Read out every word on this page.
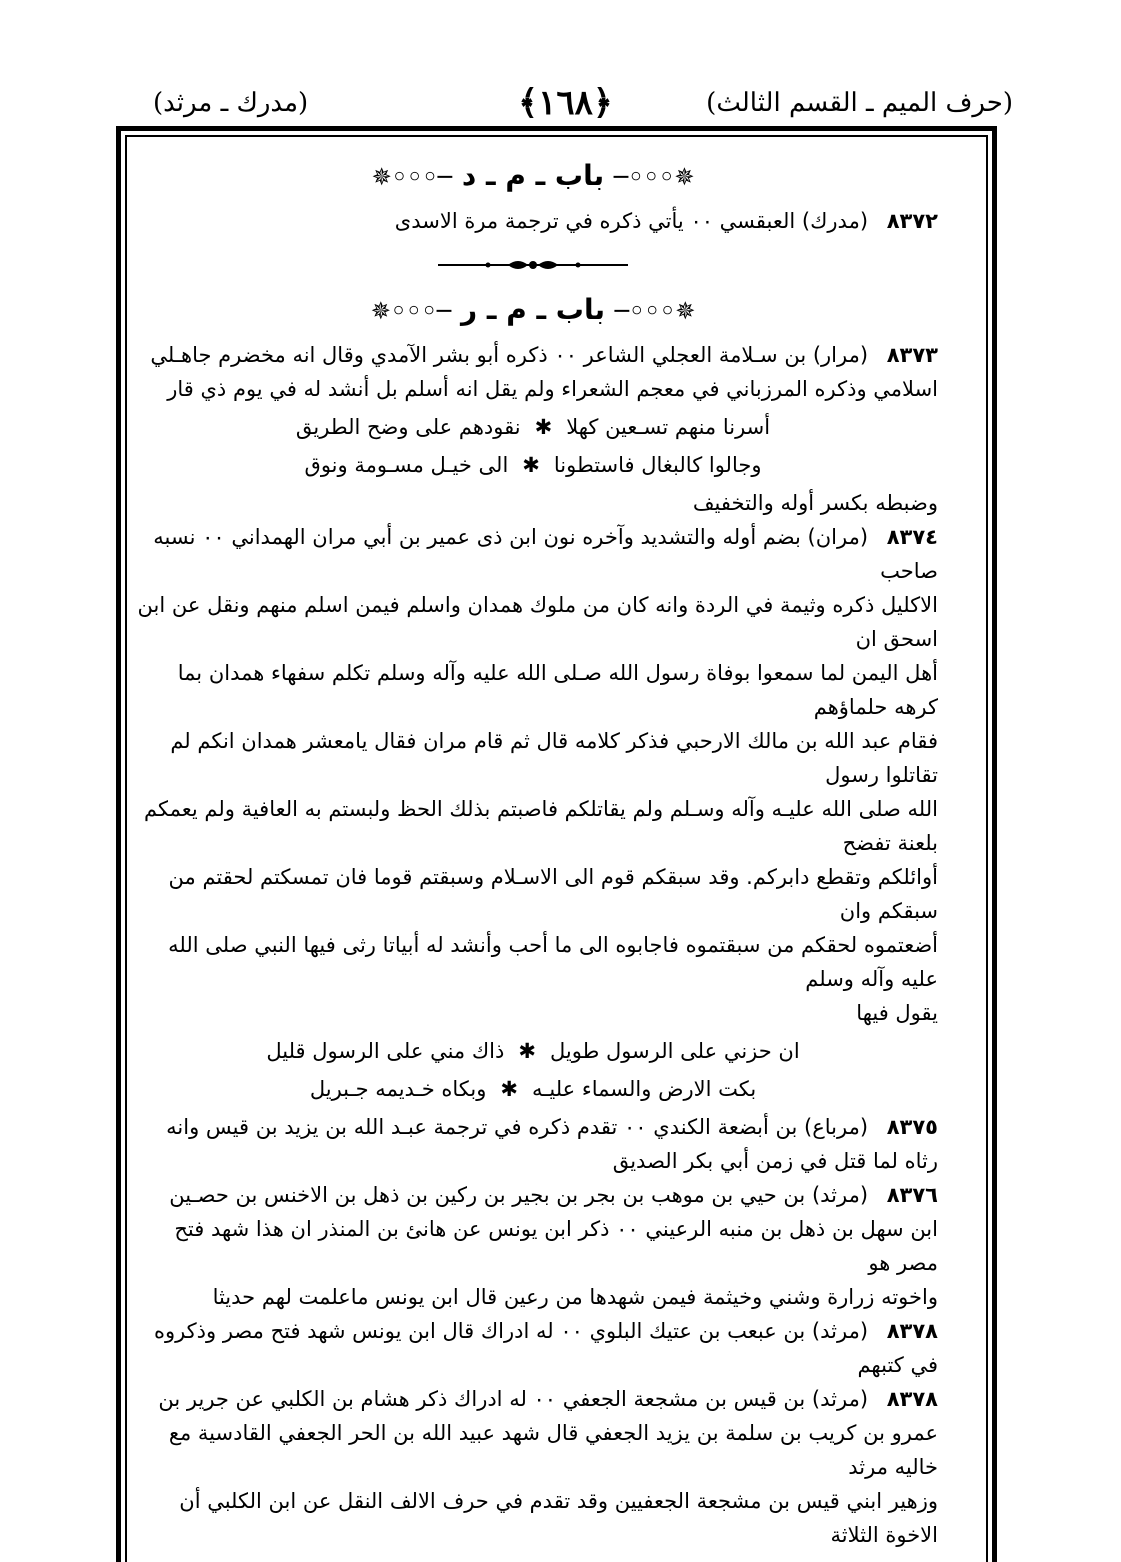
(حرف الميم ـ القسم الثالث)
﴿١٦٨﴾
(مدرك ـ مرثد)
✵◦◦◦─ باب ـ م ـ د ─◦◦◦✵

٨٣٧٢ (مدرك) العبقسي ٠٠ يأتي ذكره في ترجمة مرة الاسدى

✵◦◦◦─ باب ـ م ـ ر ─◦◦◦✵

٨٣٧٣ (مرار) بن سـلامة العجلي الشاعر ٠٠ ذكره أبو بشر الآمدي وقال انه مخضرم جاهـلي

اسلامي وذكره المرزباني في معجم الشعراء ولم يقل انه أسلم بل أنشد له في يوم ذي قار

أسرنا منهم تسـعين كهلا
✱
نقودهم على وضح الطريق
وجالوا كالبغال فاستطونا
✱
الى خيـل مسـومة ونوق

وضبطه بكسر أوله والتخفيف

٨٣٧٤ (مران) بضم أوله والتشديد وآخره نون ابن ذى عمير بن أبي مران الهمداني ٠٠ نسبه صاحب

الاكليل ذكره وثيمة في الردة وانه كان من ملوك همدان واسلم فيمن اسلم منهم ونقل عن ابن اسحق ان

أهل اليمن لما سمعوا بوفاة رسول الله صـلى الله عليه وآله وسلم تكلم سفهاء همدان بما كرهه حلماؤهم

فقام عبد الله بن مالك الارحبي فذكر كلامه قال ثم قام مران فقال يامعشر همدان انكم لم تقاتلوا رسول

الله صلى الله عليـه وآله وسـلم ولم يقاتلكم فاصبتم بذلك الحظ ولبستم به العافية ولم يعمكم بلعنة تفضح

أوائلكم وتقطع دابركم. وقد سبقكم قوم الى الاسـلام وسبقتم قوما فان تمسكتم لحقتم من سبقكم وان

أضعتموه لحقكم من سبقتموه فاجابوه الى ما أحب وأنشد له أبياتا رثى فيها النبي صلى الله عليه وآله وسلم

يقول فيها

ان حزني على الرسول طويل
✱
ذاك مني على الرسول قليل
بكت الارض والسماء عليـه
✱
وبكاه خـديمه جـبريل

٨٣٧٥ (مرباع) بن أبضعة الكندي ٠٠ تقدم ذكره في ترجمة عبـد الله بن يزيد بن قيس وانه

رثاه لما قتل في زمن أبي بكر الصديق

٨٣٧٦ (مرثد) بن حيي بن موهب بن بجر بن بجير بن ركين بن ذهل بن الاخنس بن حصـين

ابن سهل بن ذهل بن منبه الرعيني ٠٠ ذكر ابن يونس عن هانئ بن المنذر ان هذا شهد فتح مصر هو

واخوته زرارة وشني وخيثمة فيمن شهدها من رعين قال ابن يونس ماعلمت لهم حديثا

٨٣٧٨ (مرثد) بن عبعب بن عتيك البلوي ٠٠ له ادراك قال ابن يونس شهد فتح مصر وذكروه في كتبهم

٨٣٧٨ (مرثد) بن قيس بن مشجعة الجعفي ٠٠ له ادراك ذكر هشام بن الكلبي عن جرير بن

عمرو بن كريب بن سلمة بن يزيد الجعفي قال شهد عبيد الله بن الحر الجعفي القادسية مع خاليه مرثد

وزهير ابني قيس بن مشجعة الجعفيين وقد تقدم في حرف الالف النقل عن ابن الكلبي أن الاخوة الثلاثة
